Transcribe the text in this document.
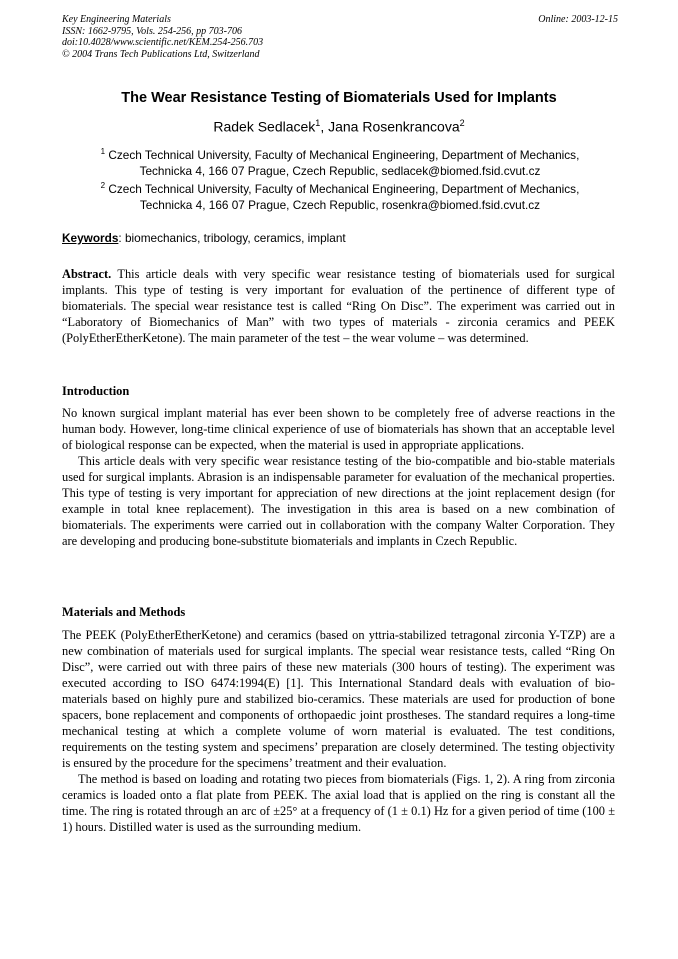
Key Engineering Materials
ISSN: 1662-9795, Vols. 254-256, pp 703-706
doi:10.4028/www.scientific.net/KEM.254-256.703
© 2004 Trans Tech Publications Ltd, Switzerland
Online: 2003-12-15
The Wear Resistance Testing of Biomaterials Used for Implants
Radek Sedlacek$^1$, Jana Rosenkrancova$^2$
$^1$ Czech Technical University, Faculty of Mechanical Engineering, Department of Mechanics,
Technicka 4, 166 07 Prague, Czech Republic, sedlacek@biomed.fsid.cvut.cz
$^2$ Czech Technical University, Faculty of Mechanical Engineering, Department of Mechanics,
Technicka 4, 166 07 Prague, Czech Republic, rosenkra@biomed.fsid.cvut.cz
Keywords: biomechanics, tribology, ceramics, implant

Abstract. This article deals with very specific wear resistance testing of biomaterials used for surgical implants. This type of testing is very important for evaluation of the pertinence of different type of biomaterials. The special wear resistance test is called “Ring On Disc”. The experiment was carried out in “Laboratory of Biomechanics of Man” with two types of materials - zirconia ceramics and PEEK (PolyEtherEtherKetone). The main parameter of the test – the wear volume – was determined.

Introduction

No known surgical implant material has ever been shown to be completely free of adverse reactions in the human body. However, long-time clinical experience of use of biomaterials has shown that an acceptable level of biological response can be expected, when the material is used in appropriate applications.

This article deals with very specific wear resistance testing of the bio-compatible and bio-stable materials used for surgical implants. Abrasion is an indispensable parameter for evaluation of the mechanical properties. This type of testing is very important for appreciation of new directions at the joint replacement design (for example in total knee replacement). The investigation in this area is based on a new combination of biomaterials. The experiments were carried out in collaboration with the company Walter Corporation. They are developing and producing bone-substitute biomaterials and implants in Czech Republic.

Materials and Methods

The PEEK (PolyEtherEtherKetone) and ceramics (based on yttria-stabilized tetragonal zirconia Y-TZP) are a new combination of materials used for surgical implants. The special wear resistance tests, called “Ring On Disc”, were carried out with three pairs of these new materials (300 hours of testing). The experiment was executed according to ISO 6474:1994(E) [1]. This International Standard deals with evaluation of bio-materials based on highly pure and stabilized bio-ceramics. These materials are used for production of bone spacers, bone replacement and components of orthopaedic joint prostheses. The standard requires a long-time mechanical testing at which a complete volume of worn material is evaluated. The test conditions, requirements on the testing system and specimens’ preparation are closely determined. The testing objectivity is ensured by the procedure for the specimens’ treatment and their evaluation.

The method is based on loading and rotating two pieces from biomaterials (Figs. 1, 2). A ring from zirconia ceramics is loaded onto a flat plate from PEEK. The axial load that is applied on the ring is constant all the time. The ring is rotated through an arc of ±25° at a frequency of (1 ± 0.1) Hz for a given period of time (100 ± 1) hours. Distilled water is used as the surrounding medium.
